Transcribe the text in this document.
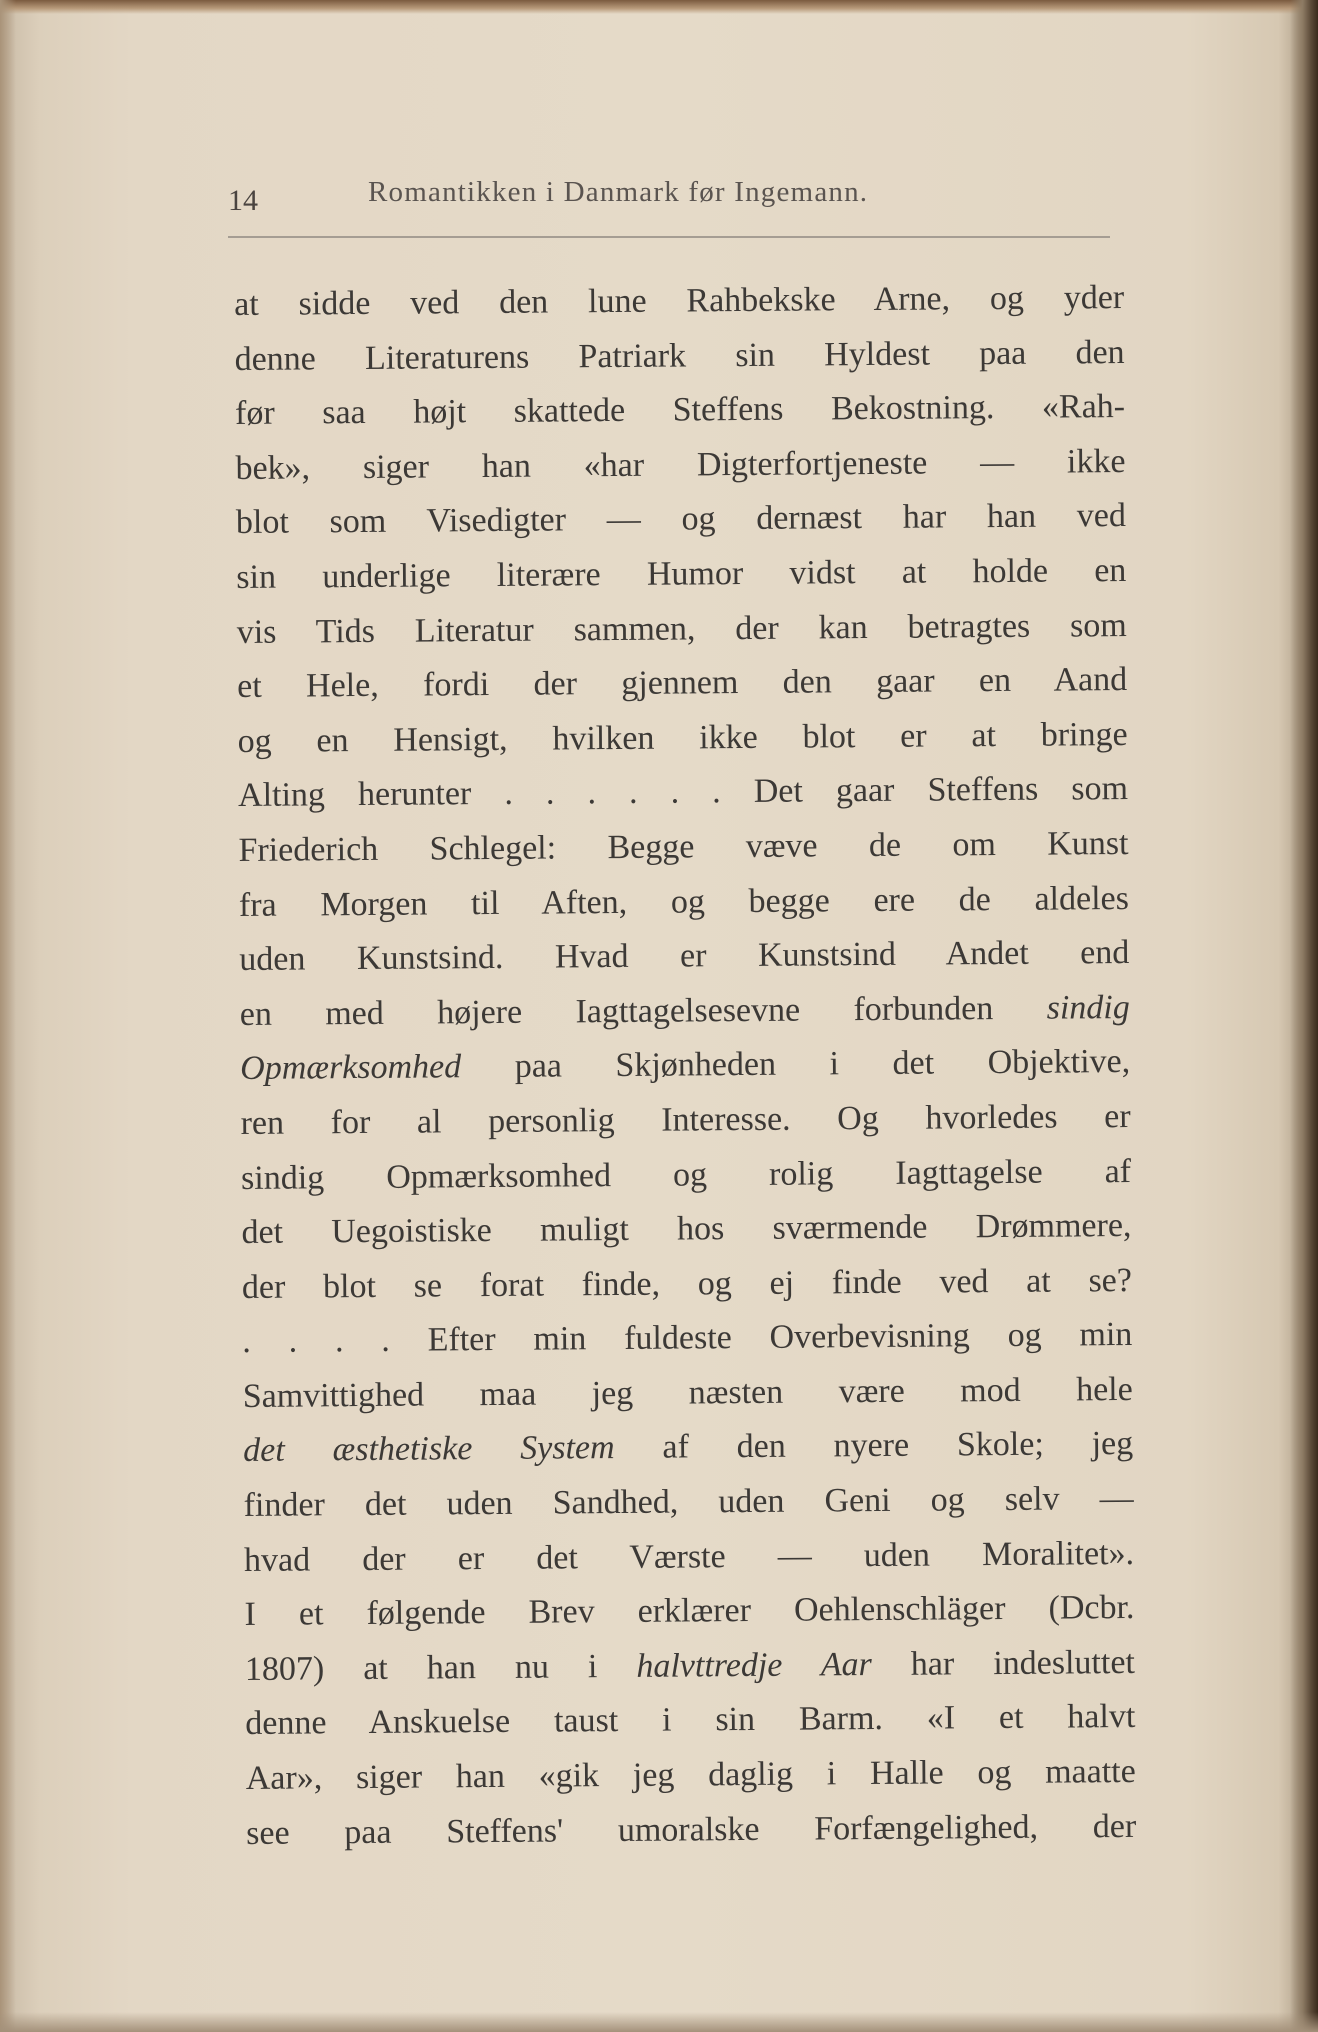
14	Romantikken i Danmark før Ingemann.
at sidde ved den lune Rahbekske Arne, og yder
denne Literaturens Patriark sin Hyldest paa den
før saa højt skattede Steffens Bekostning. «Rah-
bek», siger han «har Digterfortjeneste — ikke
blot som Visedigter — og dernæst har han ved
sin underlige literære Humor vidst at holde en
vis Tids Literatur sammen, der kan betragtes som
et Hele, fordi der gjennem den gaar en Aand
og en Hensigt, hvilken ikke blot er at bringe
Alting herunter . . . . . . Det gaar Steffens som
Friederich Schlegel: Begge væve de om Kunst
fra Morgen til Aften, og begge ere de aldeles
uden Kunstsind. Hvad er Kunstsind Andet end
en med højere Iagttagelsesevne forbunden sindig
Opmærksomhed paa Skjønheden i det Objektive,
ren for al personlig Interesse. Og hvorledes er
sindig Opmærksomhed og rolig Iagttagelse af
det Uegoistiske muligt hos sværmende Drømmere,
der blot se forat finde, og ej finde ved at se?
. . . . Efter min fuldeste Overbevisning og min
Samvittighed maa jeg næsten være mod hele
det æsthetiske System af den nyere Skole; jeg
finder det uden Sandhed, uden Geni og selv —
hvad der er det Værste — uden Moralitet».
I et følgende Brev erklærer Oehlenschläger (Dcbr.
1807) at han nu i halvttredje Aar har indesluttet
denne Anskuelse taust i sin Barm. «I et halvt
Aar», siger han «gik jeg daglig i Halle og maatte
see paa Steffens' umoralske Forfængelighed, der
